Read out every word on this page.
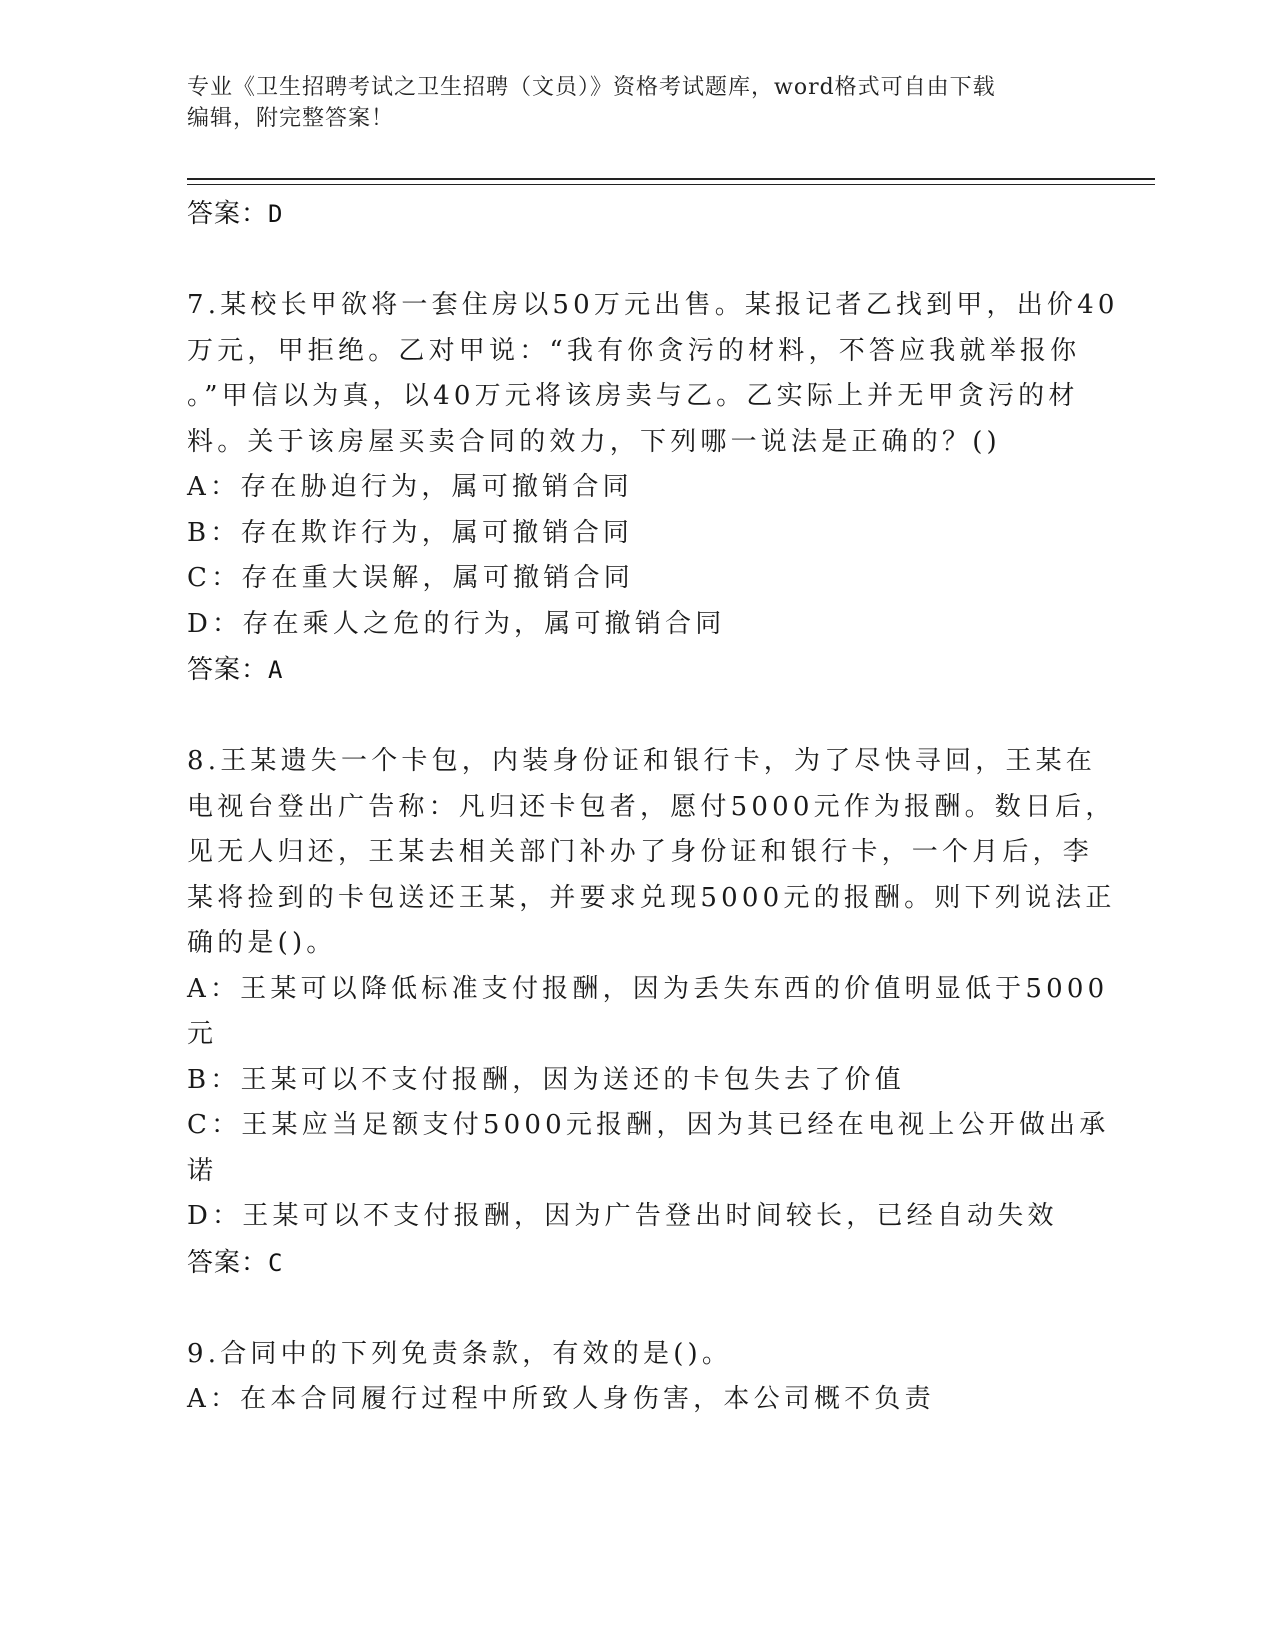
专业《卫生招聘考试之卫生招聘（文员）》资格考试题库，word格式可自由下载
编辑，附完整答案！
答案：D
7.某校长甲欲将一套住房以50万元出售。某报记者乙找到甲，出价40
万元，甲拒绝。乙对甲说：“我有你贪污的材料，不答应我就举报你
。”甲信以为真，以40万元将该房卖与乙。乙实际上并无甲贪污的材
料。关于该房屋买卖合同的效力，下列哪一说法是正确的？()
A：存在胁迫行为，属可撤销合同
B：存在欺诈行为，属可撤销合同
C：存在重大误解，属可撤销合同
D：存在乘人之危的行为，属可撤销合同
答案：A
8.王某遗失一个卡包，内装身份证和银行卡，为了尽快寻回，王某在
电视台登出广告称：凡归还卡包者，愿付5000元作为报酬。数日后，
见无人归还，王某去相关部门补办了身份证和银行卡，一个月后，李
某将捡到的卡包送还王某，并要求兑现5000元的报酬。则下列说法正
确的是()。
A：王某可以降低标准支付报酬，因为丢失东西的价值明显低于5000
元
B：王某可以不支付报酬，因为送还的卡包失去了价值
C：王某应当足额支付5000元报酬，因为其已经在电视上公开做出承
诺
D：王某可以不支付报酬，因为广告登出时间较长，已经自动失效
答案：C
9.合同中的下列免责条款，有效的是()。
A：在本合同履行过程中所致人身伤害，本公司概不负责
